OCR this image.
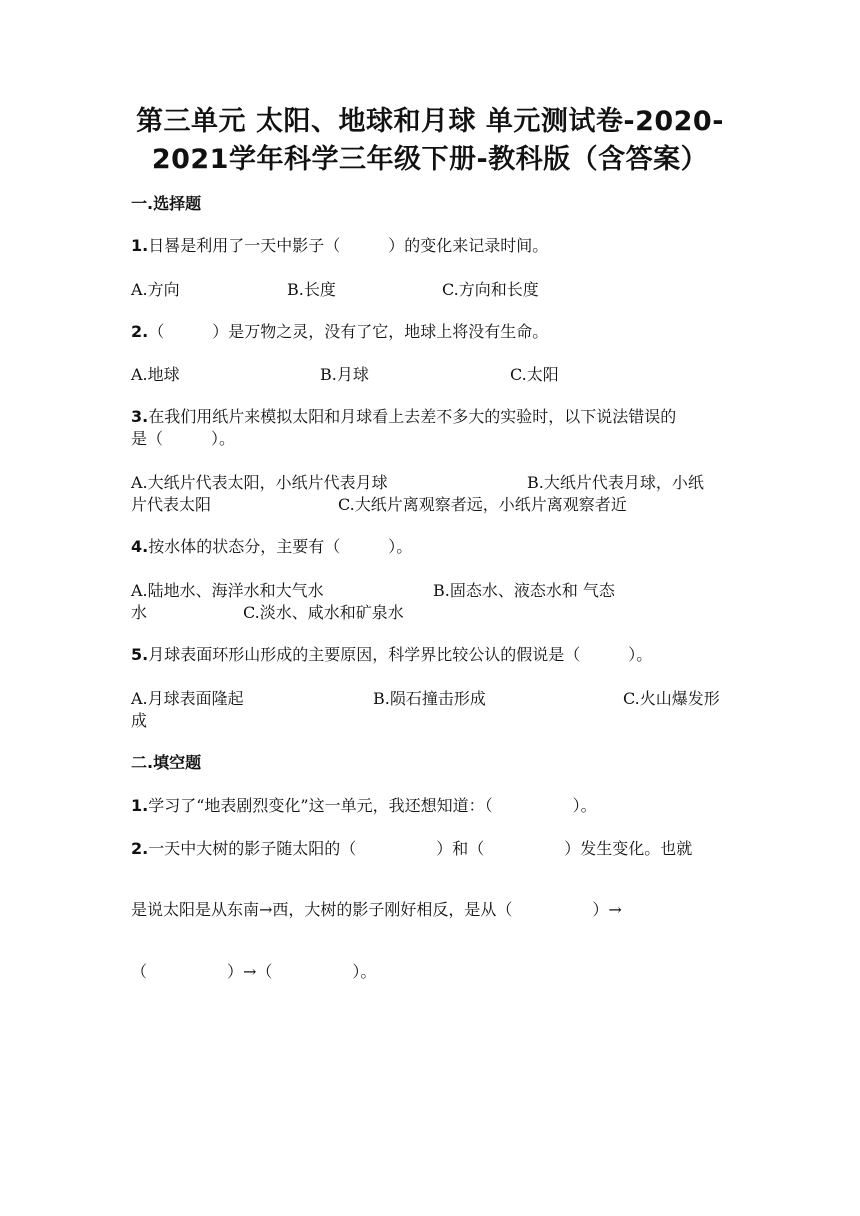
第三单元 太阳、地球和月球 单元测试卷-2020-
2021学年科学三年级下册-教科版（含答案）

一.选择题

1.日晷是利用了一天中影子（　　　）的变化来记录时间。

A.方向	B.长度	C.方向和长度

2.（　　　）是万物之灵，没有了它，地球上将没有生命。

A.地球	B.月球	C.太阳

3.在我们用纸片来模拟太阳和月球看上去差不多大的实验时，以下说法错误的

是（　　　）。

A.大纸片代表太阳，小纸片代表月球	B.大纸片代表月球，小纸
片代表太阳	C.大纸片离观察者远，小纸片离观察者近

4.按水体的状态分，主要有（　　　）。

A.陆地水、海洋水和大气水	B.固态水、液态水和 气态
水	C.淡水、咸水和矿泉水

5.月球表面环形山形成的主要原因，科学界比较公认的假说是（　　　）。

A.月球表面隆起	B.陨石撞击形成	C.火山爆发形
成

二.填空题

1.学习了“地表剧烈变化”这一单元，我还想知道：（　　　　　）。

2.一天中大树的影子随太阳的（　　　　　）和（　　　　　）发生变化。也就

是说太阳是从东南→西，大树的影子刚好相反，是从（　　　　　）→

（　　　　　）→（　　　　　）。
